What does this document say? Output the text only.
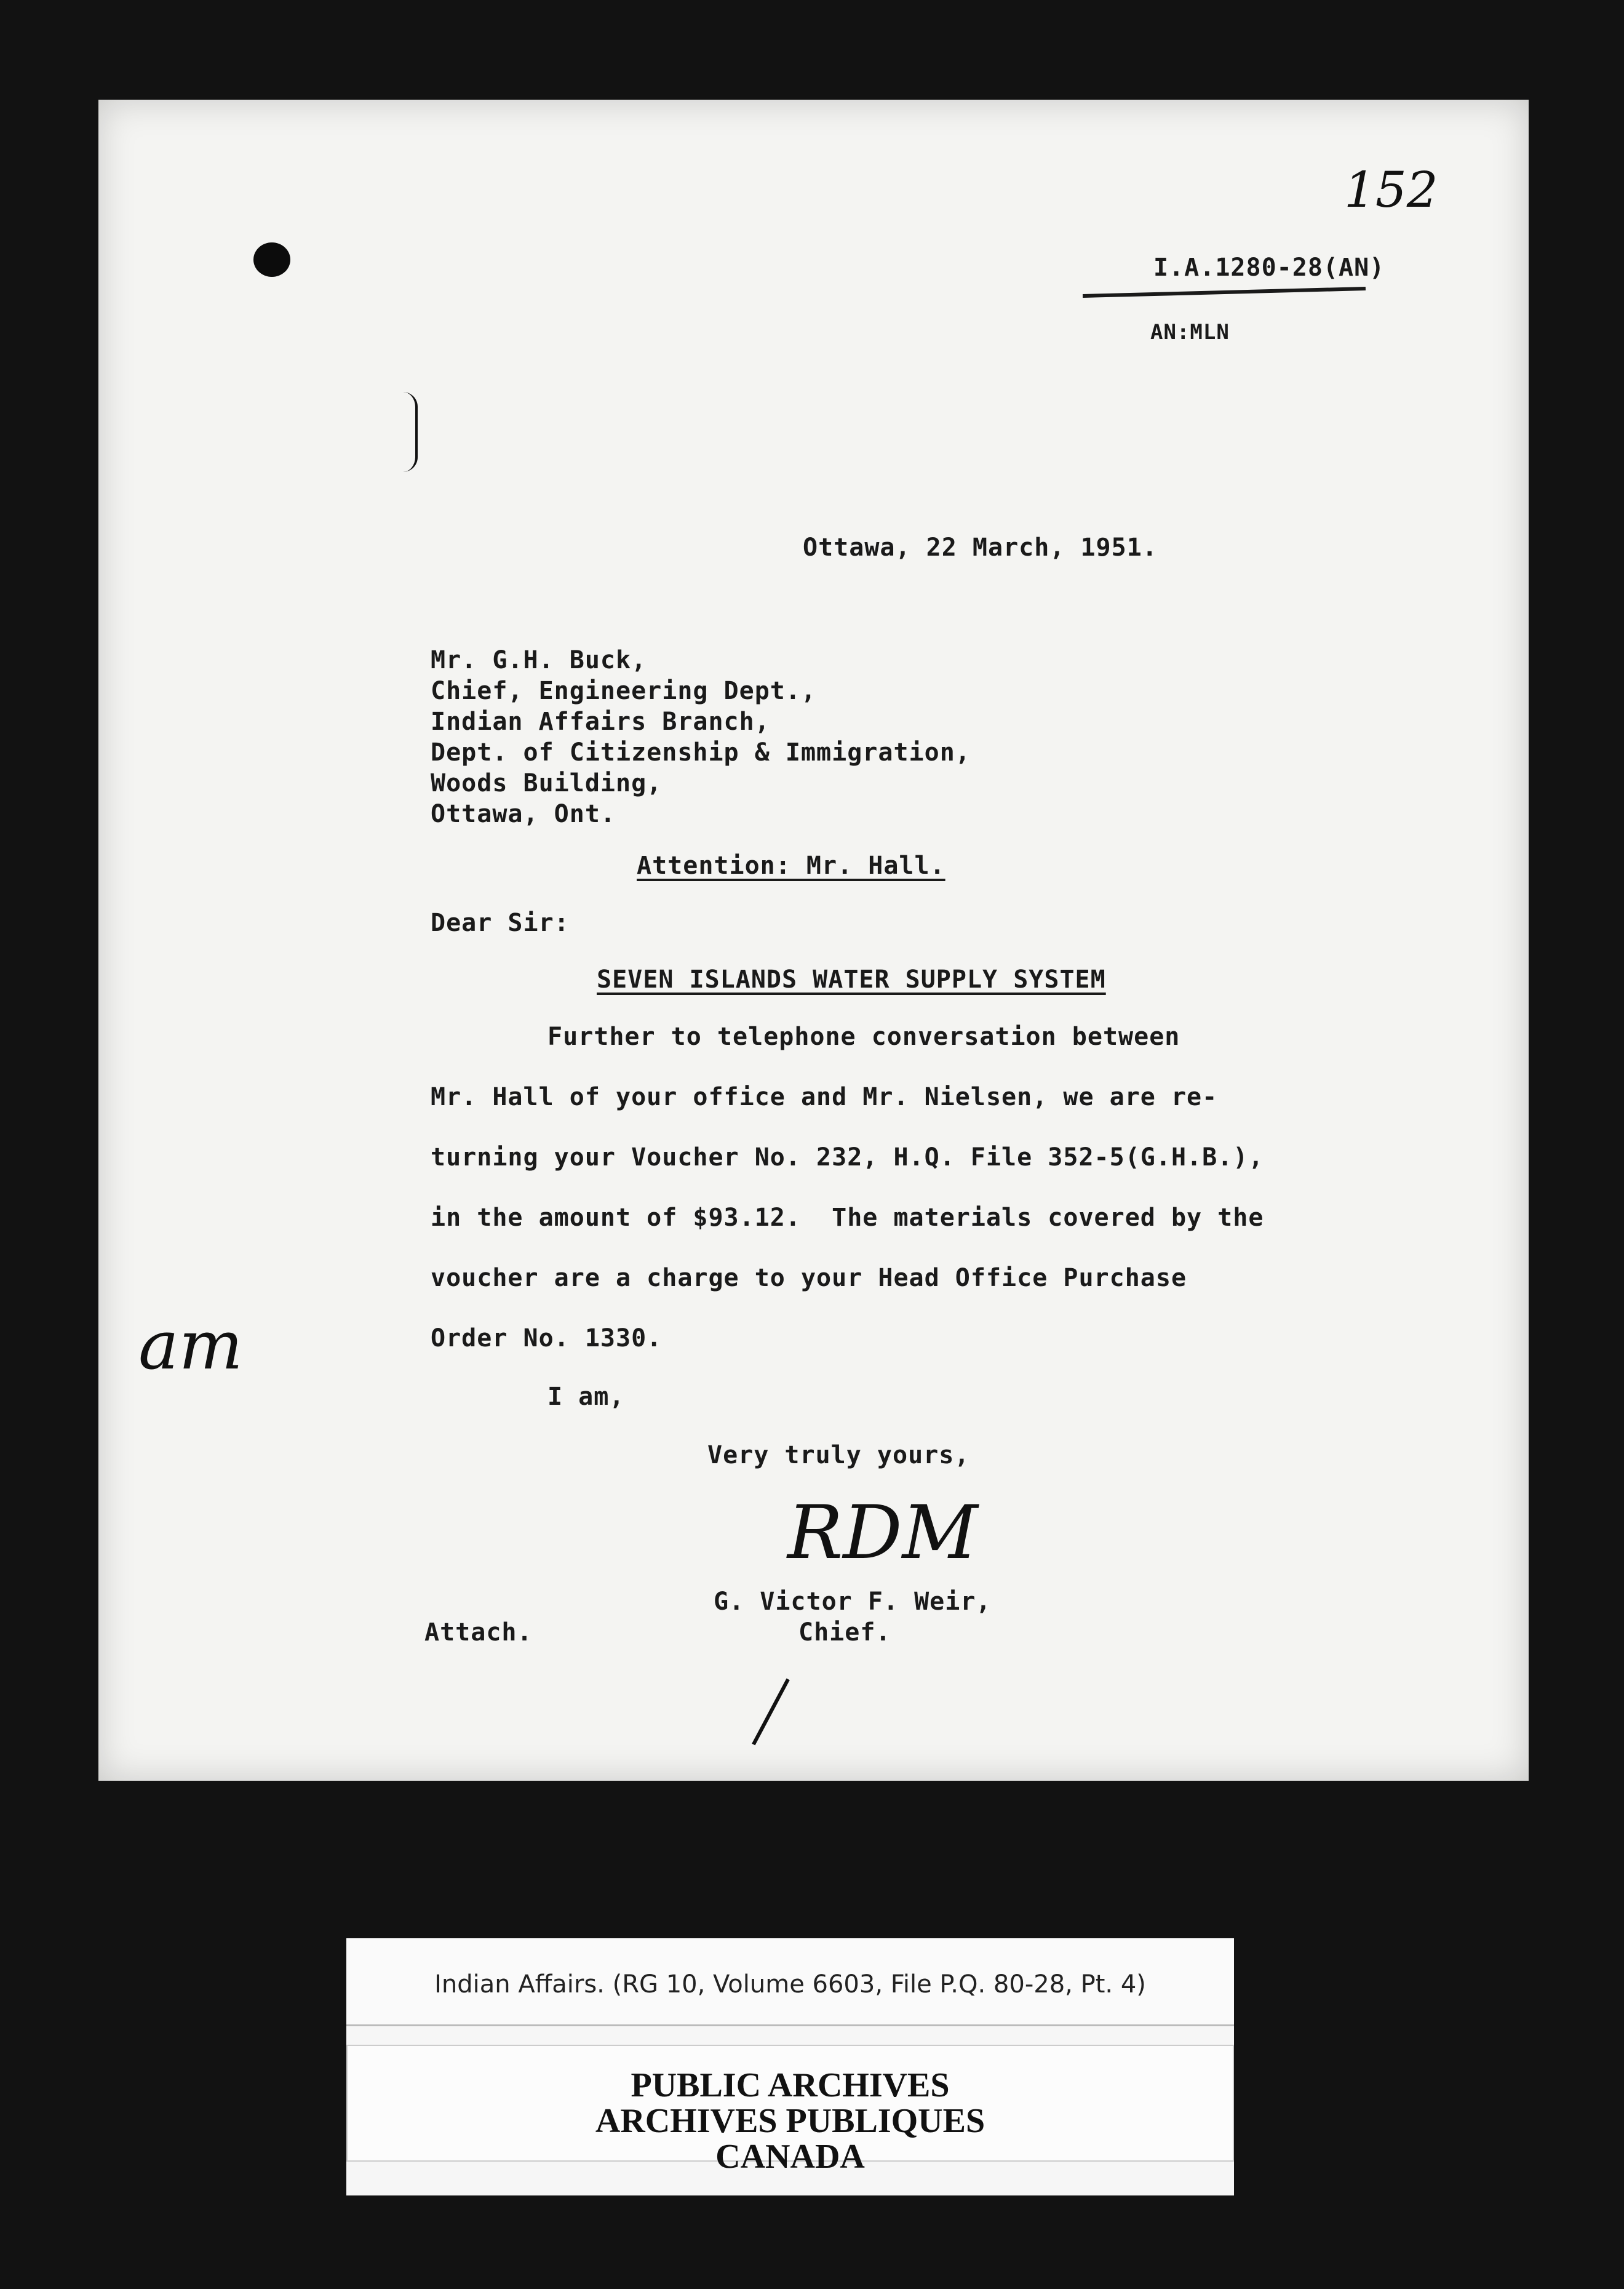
152
I.A.1280-28(AN)
AN:MLN
Ottawa, 22 March, 1951.
Mr. G.H. Buck,
Chief, Engineering Dept.,
Indian Affairs Branch,
Dept. of Citizenship & Immigration,
Woods Building,
Ottawa, Ont.
Attention: Mr. Hall.
Dear Sir:
SEVEN ISLANDS WATER SUPPLY SYSTEM
Further to telephone conversation between
Mr. Hall of your office and Mr. Nielsen, we are re-
turning your Voucher No. 232, H.Q. File 352-5(G.H.B.),
in the amount of $93.12.  The materials covered by the
voucher are a charge to your Head Office Purchase
Order No. 1330.
am
I am,
Very truly yours,
RDM
G. Victor F. Weir,
Chief.
Attach.
Indian Affairs. (RG 10, Volume 6603, File P.Q. 80-28, Pt. 4)
PUBLIC ARCHIVES
ARCHIVES PUBLIQUES
CANADA
